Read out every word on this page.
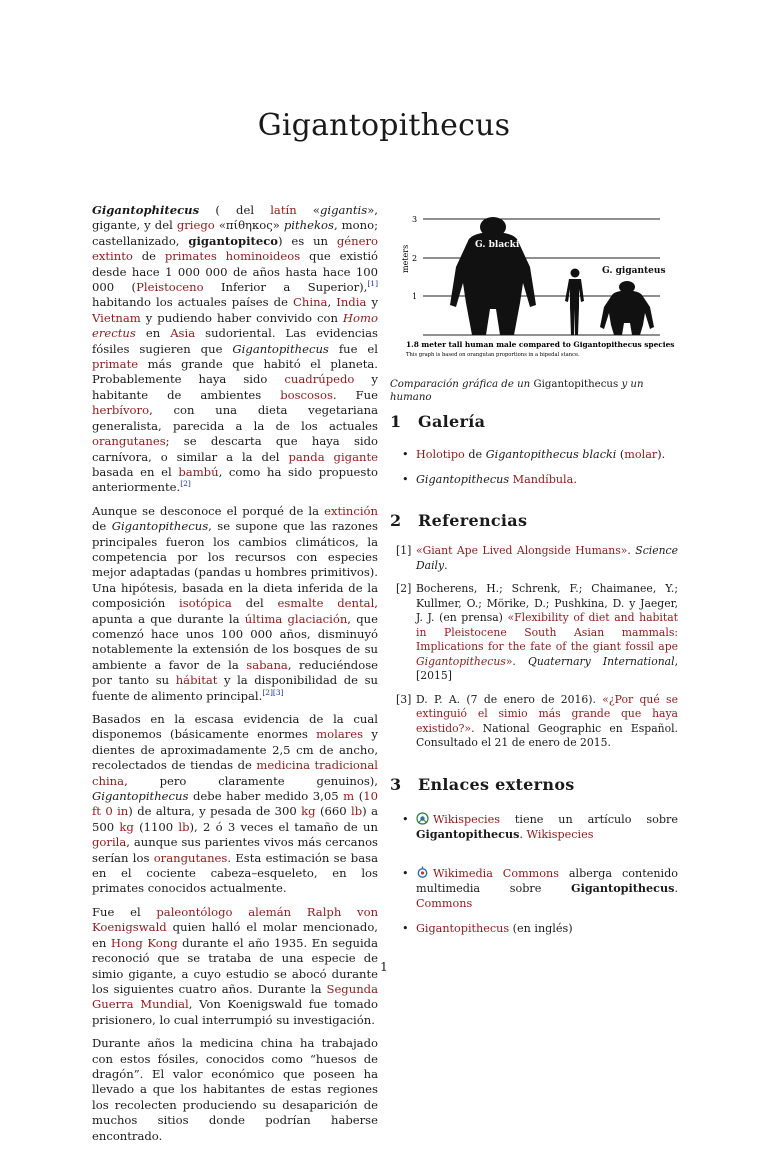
Gigantopithecus

Gigantophitecus ( del latín «gigantis», gigante, y del griego «πίθηκος» pithekos, mono; castellanizado, gigantopiteco) es un género extinto de primates hominoideos que existió desde hace 1 000 000 de años hasta hace 100 000 (Pleistoceno Inferior a Superior),[1] habitando los actuales países de China, India y Vietnam y pudiendo haber convivido con Homo erectus en Asia sudoriental. Las evidencias fósiles sugieren que Gigantopithecus fue el primate más grande que habitó el planeta. Probablemente haya sido cuadrúpedo y habitante de ambientes boscosos. Fue herbívoro, con una dieta vegetariana generalista, parecida a la de los actuales orangutanes; se descarta que haya sido carnívora, o similar a la del panda gigante basada en el bambú, como ha sido propuesto anteriormente.[2]

Aunque se desconoce el porqué de la extinción de Gigantopithecus, se supone que las razones principales fueron los cambios climáticos, la competencia por los recursos con especies mejor adaptadas (pandas u hombres primitivos). Una hipótesis, basada en la dieta inferida de la composición isotópica del esmalte dental, apunta a que durante la última glaciación, que comenzó hace unos 100 000 años, disminuyó notablemente la extensión de los bosques de su ambiente a favor de la sabana, reduciéndose por tanto su hábitat y la disponibilidad de su fuente de alimento principal.[2][3]

Basados en la escasa evidencia de la cual disponemos (básicamente enormes molares y dientes de aproximadamente 2,5 cm de ancho, recolectados de tiendas de medicina tradicional china, pero claramente genuinos), Gigantopithecus debe haber medido 3,05 m (10 ft 0 in) de altura, y pesada de 300 kg (660 lb) a 500 kg (1100 lb), 2 ó 3 veces el tamaño de un gorila, aunque sus parientes vivos más cercanos serían los orangutanes. Esta estimación se basa en el cociente cabeza–esqueleto, en los primates conocidos actualmente.

Fue el paleontólogo alemán Ralph von Koenigswald quien halló el molar mencionado, en Hong Kong durante el año 1935. En seguida reconoció que se trataba de una especie de simio gigante, a cuyo estudio se abocó durante los siguientes cuatro años. Durante la Segunda Guerra Mundial, Von Koenigswald fue tomado prisionero, lo cual interrumpió su investigación.

Durante años la medicina china ha trabajado con estos fósiles, conocidos como “huesos de dragón”. El valor económico que poseen ha llevado a que los habitantes de estas regiones los recolecten produciendo su desaparición de muchos sitios donde podrían haberse encontrado.

meters
3
2
1
G. blacki
G. giganteus
1.8 meter tall human male compared to Gigantopithecus species
This graph is based on orangutan proportions in a bipedal stance.
Comparación gráfica de un Gigantopithecus y un humano
1	Galería
• Holotipo de Gigantopithecus blacki (molar).
• Gigantopithecus Mandíbula.
2	Referencias
[1] «Giant Ape Lived Alongside Humans». Science Daily.
[2] Bocherens, H.; Schrenk, F.; Chaimanee, Y.; Kullmer, O.; Mörike, D.; Pushkina, D. y Jaeger, J. J. (en prensa) «Flexibility of diet and habitat in Pleistocene South Asian mammals: Implications for the fate of the giant fossil ape Gigantopithecus». Quaternary International, [2015]
[3] D. P. A. (7 de enero de 2016). «¿Por qué se extinguió el simio más grande que haya existido?». National Geographic en Español. Consultado el 21 de enero de 2015.
3	Enlaces externos
• Wikispecies tiene un artículo sobre Gigantopithecus. Wikispecies
• Wikimedia Commons alberga contenido multimedia sobre Gigantopithecus. Commons
• Gigantopithecus (en inglés)
1
